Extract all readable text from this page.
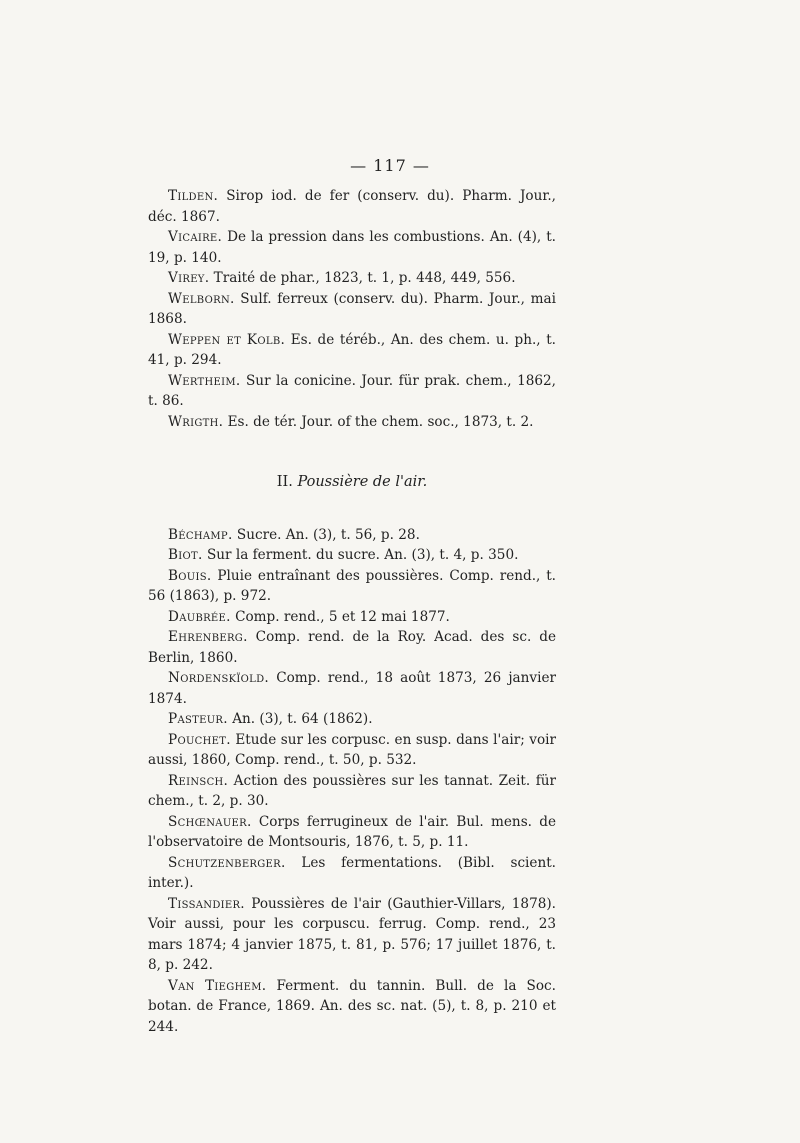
— 117 —

Tilden. Sirop iod. de fer (conserv. du). Pharm. Jour., déc. 1867.

Vicaire. De la pression dans les combustions. An. (4), t. 19, p. 140.

Virey. Traité de phar., 1823, t. 1, p. 448, 449, 556.

Welborn. Sulf. ferreux (conserv. du). Pharm. Jour., mai 1868.

Weppen et Kolb. Es. de téréb., An. des chem. u. ph., t. 41, p. 294.

Wertheim. Sur la conicine. Jour. für prak. chem., 1862, t. 86.

Wrigth. Es. de tér. Jour. of the chem. soc., 1873, t. 2.

II. Poussière de l'air.

Béchamp. Sucre. An. (3), t. 56, p. 28.

Biot. Sur la ferment. du sucre. An. (3), t. 4, p. 350.

Bouis. Pluie entraînant des poussières. Comp. rend., t. 56 (1863), p. 972.

Daubrée. Comp. rend., 5 et 12 mai 1877.

Ehrenberg. Comp. rend. de la Roy. Acad. des sc. de Berlin, 1860.

Nordenskïold. Comp. rend., 18 août 1873, 26 janvier 1874.

Pasteur. An. (3), t. 64 (1862).

Pouchet. Etude sur les corpusc. en susp. dans l'air; voir aussi, 1860, Comp. rend., t. 50, p. 532.

Reinsch. Action des poussières sur les tannat. Zeit. für chem., t. 2, p. 30.

Schœnauer. Corps ferrugineux de l'air. Bul. mens. de l'observatoire de Montsouris, 1876, t. 5, p. 11.

Schutzenberger. Les fermentations. (Bibl. scient. inter.).

Tissandier. Poussières de l'air (Gauthier-Villars, 1878). Voir aussi, pour les corpuscu. ferrug. Comp. rend., 23 mars 1874; 4 janvier 1875, t. 81, p. 576; 17 juillet 1876, t. 8, p. 242.

Van Tieghem. Ferment. du tannin. Bull. de la Soc. botan. de France, 1869. An. des sc. nat. (5), t. 8, p. 210 et 244.
